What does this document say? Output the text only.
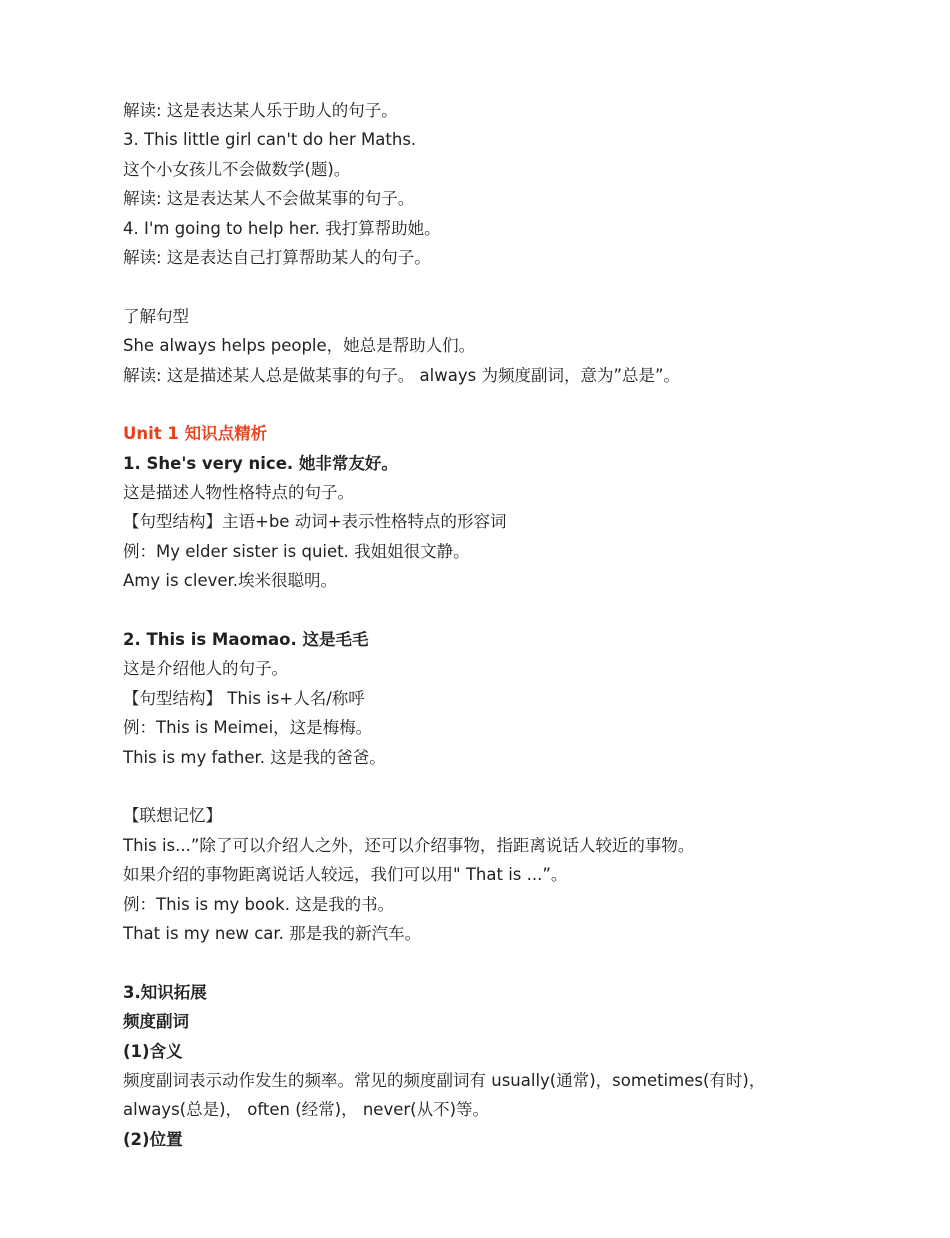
解读: 这是表达某人乐于助人的句子。
3. This little girl can't do her Maths.
这个小女孩儿不会做数学(题)。
解读: 这是表达某人不会做某事的句子。
4. I'm going to help her. 我打算帮助她。
解读: 这是表达自己打算帮助某人的句子。
了解句型
She always helps people，她总是帮助人们。
解读: 这是描述某人总是做某事的句子。 always 为频度副词，意为”总是”。
Unit 1 知识点精析
1. She's very nice. 她非常友好。
这是描述人物性格特点的句子。
【句型结构】主语+be 动词+表示性格特点的形容词
例：My elder sister is quiet. 我姐姐很文静。
Amy is clever.埃米很聪明。
2. This is Maomao. 这是毛毛
这是介绍他人的句子。
【句型结构】 This is+人名/称呼
例：This is Meimei，这是梅梅。
This is my father. 这是我的爸爸。
【联想记忆】
This is...”除了可以介绍人之外，还可以介绍事物，指距离说话人较近的事物。
如果介绍的事物距离说话人较远，我们可以用" That is ...”。
例：This is my book. 这是我的书。
That is my new car. 那是我的新汽车。
3.知识拓展
频度副词
(1)含义
频度副词表示动作发生的频率。常见的频度副词有 usually(通常)，sometimes(有时)，
always(总是)， often (经常)， never(从不)等。
(2)位置
